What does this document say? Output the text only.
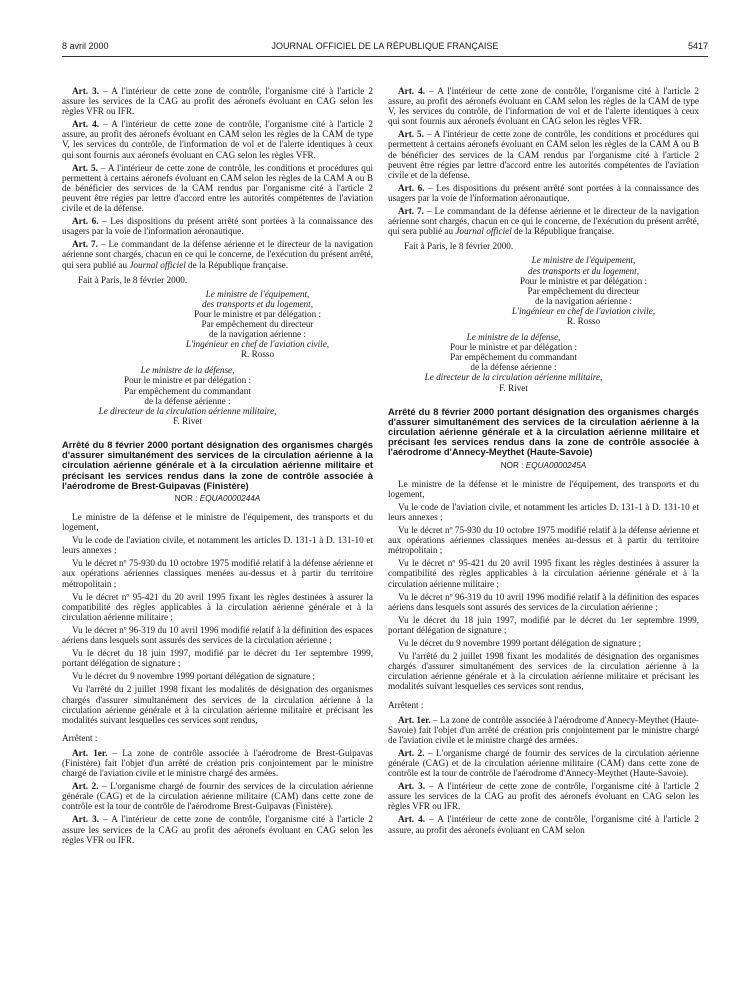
8 avril 2000	JOURNAL OFFICIEL DE LA RÉPUBLIQUE FRANÇAISE	5417

Art. 3. – A l'intérieur de cette zone de contrôle, l'organisme cité à l'article 2 assure les services de la CAG au profit des aéronefs évoluant en CAG selon les règles VFR ou IFR.

Art. 4. – A l'intérieur de cette zone de contrôle, l'organisme cité à l'article 2 assure, au profit des aéronefs évoluant en CAM selon les règles de la CAM de type V, les services du contrôle, de l'information de vol et de l'alerte identiques à ceux qui sont fournis aux aéronefs évoluant en CAG selon les règles VFR.

Art. 5. – A l'intérieur de cette zone de contrôle, les conditions et procédures qui permettent à certains aéronefs évoluant en CAM selon les règles de la CAM A ou B de bénéficier des services de la CAM rendus par l'organisme cité à l'article 2 peuvent être régies par lettre d'accord entre les autorités compétentes de l'aviation civile et de la défense.

Art. 6. – Les dispositions du présent arrêté sont portées à la connaissance des usagers par la voie de l'information aéronautique.

Art. 7. – Le commandant de la défense aérienne et le directeur de la navigation aérienne sont chargés, chacun en ce qui le concerne, de l'exécution du présent arrêté, qui sera publié au Journal officiel de la République française.

Fait à Paris, le 8 février 2000.

Le ministre de l'équipement,

des transports et du logement,

Pour le ministre et par délégation :

Par empêchement du directeur

de la navigation aérienne :

L'ingénieur en chef de l'aviation civile,

R. Rosso

Le ministre de la défense,

Pour le ministre et par délégation :

Par empêchement du commandant

de la défense aérienne :

Le directeur de la circulation aérienne militaire,

F. Rivet

Arrêté du 8 février 2000 portant désignation des organismes chargés d'assurer simultanément des services de la circulation aérienne à la circulation aérienne générale et à la circulation aérienne militaire et précisant les services rendus dans la zone de contrôle associée à l'aérodrome de Brest-Guipavas (Finistère)
NOR : EQUA0000244A

Le ministre de la défense et le ministre de l'équipement, des transports et du logement,

Vu le code de l'aviation civile, et notamment les articles D. 131-1 à D. 131-10 et leurs annexes ;

Vu le décret nº 75-930 du 10 octobre 1975 modifié relatif à la défense aérienne et aux opérations aériennes classiques menées au-dessus et à partir du territoire métropolitain ;

Vu le décret nº 95-421 du 20 avril 1995 fixant les règles destinées à assurer la compatibilité des règles applicables à la circulation aérienne générale et à la circulation aérienne militaire ;

Vu le décret nº 96-319 du 10 avril 1996 modifié relatif à la définition des espaces aériens dans lesquels sont assurés des services de la circulation aérienne ;

Vu le décret du 18 juin 1997, modifié par le décret du 1er septembre 1999, portant délégation de signature ;

Vu le décret du 9 novembre 1999 portant délégation de signature ;

Vu l'arrêté du 2 juillet 1998 fixant les modalités de désignation des organismes chargés d'assurer simultanément des services de la circulation aérienne à la circulation aérienne générale et à la circulation aérienne militaire et précisant les modalités suivant lesquelles ces services sont rendus,

Arrêtent :

Art. 1er. – La zone de contrôle associée à l'aérodrome de Brest-Guipavas (Finistère) fait l'objet d'un arrêté de création pris conjointement par le ministre chargé de l'aviation civile et le ministre chargé des armées.

Art. 2. – L'organisme chargé de fournir des services de la circulation aérienne générale (CAG) et de la circulation aérienne militaire (CAM) dans cette zone de contrôle est la tour de contrôle de l'aérodrome Brest-Guipavas (Finistère).

Art. 3. – A l'intérieur de cette zone de contrôle, l'organisme cité à l'article 2 assure les services de la CAG au profit des aéronefs évoluant en CAG selon les règles VFR ou IFR.

Art. 4. – A l'intérieur de cette zone de contrôle, l'organisme cité à l'article 2 assure, au profit des aéronefs évoluant en CAM selon les règles de la CAM de type V, les services du contrôle, de l'information de vol et de l'alerte identiques à ceux qui sont fournis aux aéronefs évoluant en CAG selon les règles VFR.

Art. 5. – A l'intérieur de cette zone de contrôle, les conditions et procédures qui permettent à certains aéronefs évoluant en CAM selon les règles de la CAM A ou B de bénéficier des services de la CAM rendus par l'organisme cité à l'article 2 peuvent être régies par lettre d'accord entre les autorités compétentes de l'aviation civile et de la défense.

Art. 6. – Les dispositions du présent arrêté sont portées à la connaissance des usagers par la voie de l'information aéronautique.

Art. 7. – Le commandant de la défense aérienne et le directeur de la navigation aérienne sont chargés, chacun en ce qui le concerne, de l'exécution du présent arrêté, qui sera publié au Journal officiel de la République française.

Fait à Paris, le 8 février 2000.

Le ministre de l'équipement,

des transports et du logement,

Pour le ministre et par délégation :

Par empêchement du directeur

de la navigation aérienne :

L'ingénieur en chef de l'aviation civile,

R. Rosso

Le ministre de la défense,

Pour le ministre et par délégation :

Par empêchement du commandant

de la défense aérienne :

Le directeur de la circulation aérienne militaire,

F. Rivet

Arrêté du 8 février 2000 portant désignation des organismes chargés d'assurer simultanément des services de la circulation aérienne à la circulation aérienne générale et à la circulation aérienne militaire et précisant les services rendus dans la zone de contrôle associée à l'aérodrome d'Annecy-Meythet (Haute-Savoie)
NOR : EQUA0000245A

Le ministre de la défense et le ministre de l'équipement, des transports et du logement,

Vu le code de l'aviation civile, et notamment les articles D. 131-1 à D. 131-10 et leurs annexes ;

Vu le décret nº 75-930 du 10 octobre 1975 modifié relatif à la défense aérienne et aux opérations aériennes classiques menées au-dessus et à partir du territoire métropolitain ;

Vu le décret nº 95-421 du 20 avril 1995 fixant les règles destinées à assurer la compatibilité des règles applicables à la circulation aérienne générale et à la circulation aérienne militaire ;

Vu le décret nº 96-319 du 10 avril 1996 modifié relatif à la définition des espaces aériens dans lesquels sont assurés des services de la circulation aérienne ;

Vu le décret du 18 juin 1997, modifié par le décret du 1er septembre 1999, portant délégation de signature ;

Vu le décret du 9 novembre 1999 portant délégation de signature ;

Vu l'arrêté du 2 juillet 1998 fixant les modalités de désignation des organismes chargés d'assurer simultanément des services de la circulation aérienne à la circulation aérienne générale et à la circulation aérienne militaire et précisant les modalités suivant lesquelles ces services sont rendus,

Arrêtent :

Art. 1er. – La zone de contrôle associée à l'aérodrome d'Annecy-Meythet (Haute-Savoie) fait l'objet d'un arrêté de création pris conjointement par le ministre chargé de l'aviation civile et le ministre chargé des armées.

Art. 2. – L'organisme chargé de fournir des services de la circulation aérienne générale (CAG) et de la circulation aérienne militaire (CAM) dans cette zone de contrôle est la tour de contrôle de l'aérodrome d'Annecy-Meythet (Haute-Savoie).

Art. 3. – A l'intérieur de cette zone de contrôle, l'organisme cité à l'article 2 assure les services de la CAG au profit des aéronefs évoluant en CAG selon les règles VFR ou IFR.

Art. 4. – A l'intérieur de cette zone de contrôle, l'organisme cité à l'article 2 assure, au profit des aéronefs évoluant en CAM selon
